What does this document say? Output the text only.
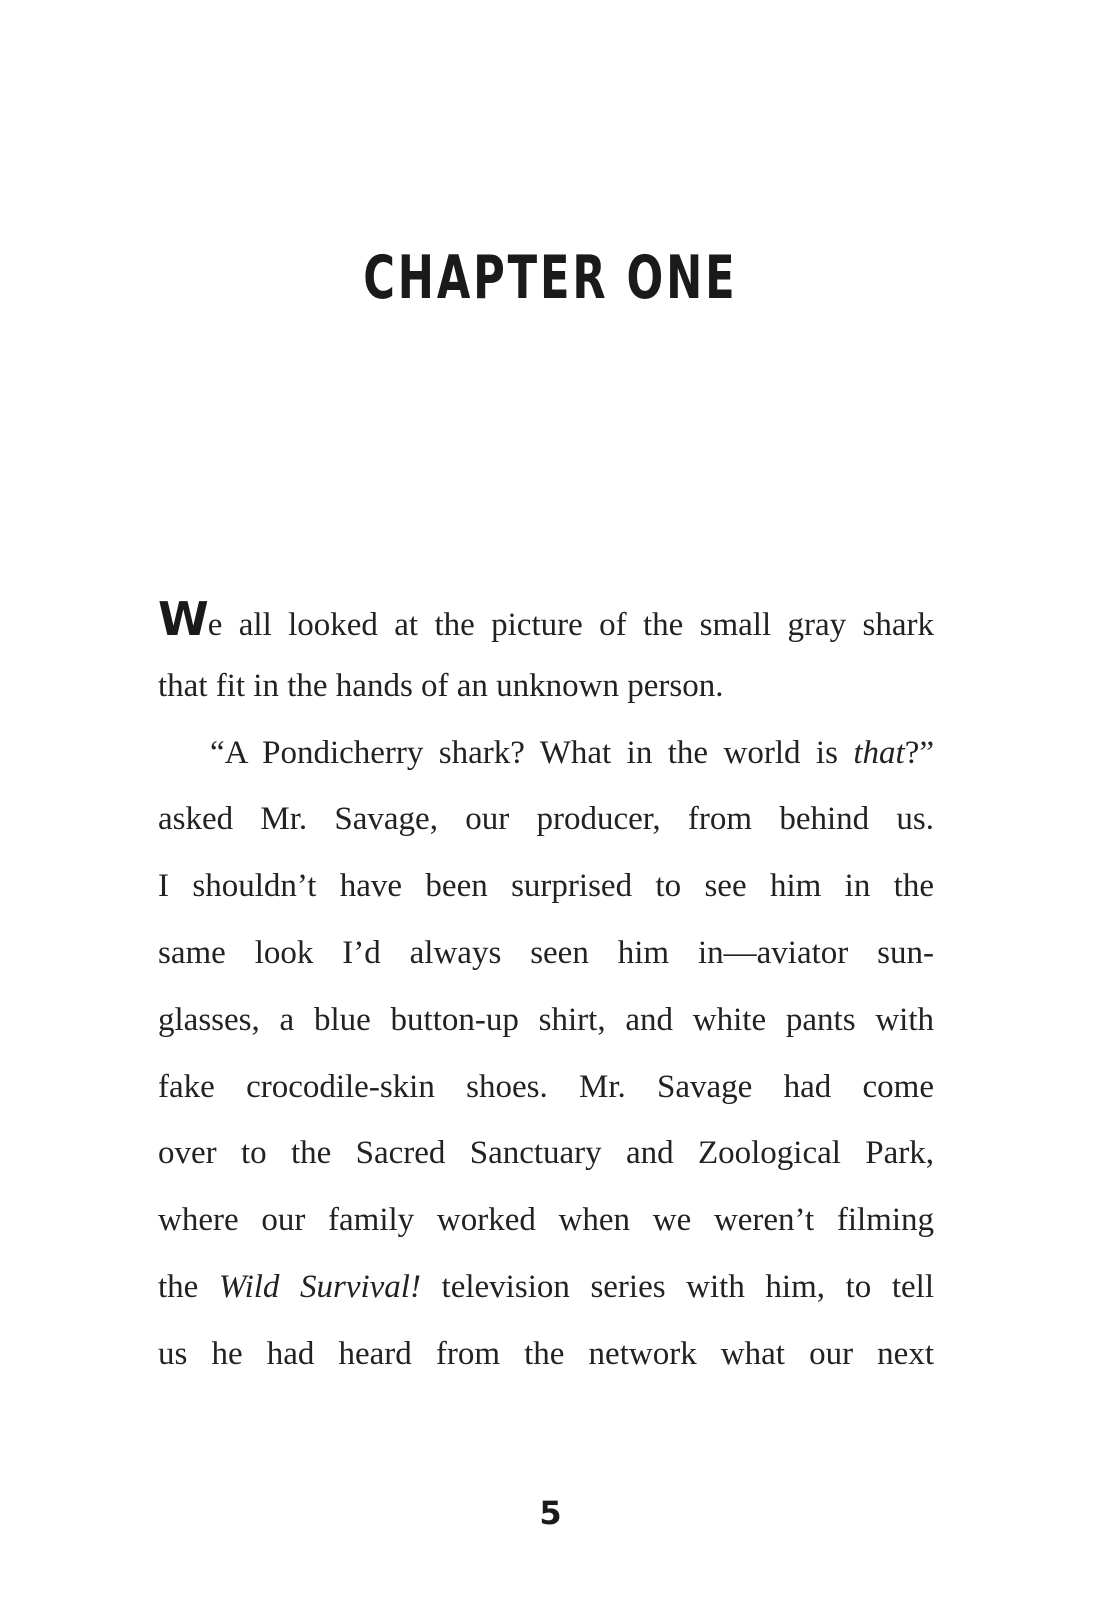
CHAPTER ONE
We all looked at the picture of the small gray shark
that fit in the hands of an unknown person.
“A Pondicherry shark? What in the world is that?”
asked Mr. Savage, our producer, from behind us.
I shouldn’t have been surprised to see him in the
same look I’d always seen him in—aviator sun-
glasses, a blue button-up shirt, and white pants with
fake crocodile-skin shoes. Mr. Savage had come
over to the Sacred Sanctuary and Zoological Park,
where our family worked when we weren’t filming
the Wild Survival! television series with him, to tell
us he had heard from the network what our next
5
